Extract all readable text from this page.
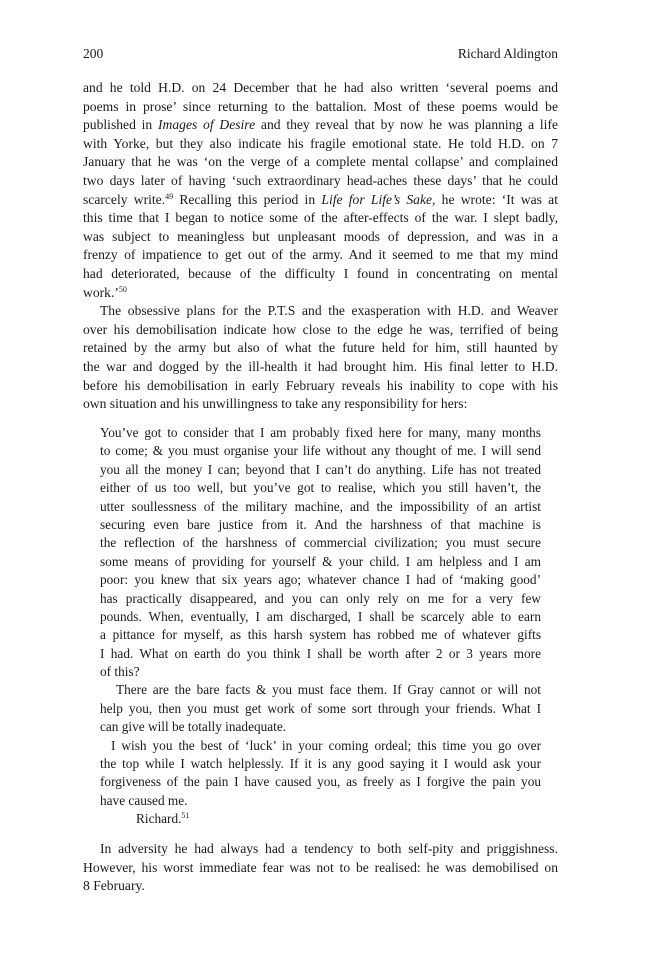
200	Richard Aldington
and he told H.D. on 24 December that he had also written ‘several poems and
poems in prose’ since returning to the battalion. Most of these poems would be
published in Images of Desire and they reveal that by now he was planning a life
with Yorke, but they also indicate his fragile emotional state. He told H.D. on 7
January that he was ‘on the verge of a complete mental collapse’ and complained
two days later of having ‘such extraordinary head-aches these days’ that he could
scarcely write.$^{49}$ Recalling this period in Life for Life’s Sake, he wrote: ‘It was at
this time that I began to notice some of the after-effects of the war. I slept badly,
was subject to meaningless but unpleasant moods of depression, and was in a
frenzy of impatience to get out of the army. And it seemed to me that my mind
had deteriorated, because of the difficulty I found in concentrating on mental
work.’$^{50}$
The obsessive plans for the P.T.S and the exasperation with H.D. and Weaver
over his demobilisation indicate how close to the edge he was, terrified of being
retained by the army but also of what the future held for him, still haunted by
the war and dogged by the ill-health it had brought him. His final letter to H.D.
before his demobilisation in early February reveals his inability to cope with his
own situation and his unwillingness to take any responsibility for hers:
You’ve got to consider that I am probably fixed here for many, many months
to come; & you must organise your life without any thought of me. I will send
you all the money I can; beyond that I can’t do anything. Life has not treated
either of us too well, but you’ve got to realise, which you still haven’t, the
utter soullessness of the military machine, and the impossibility of an artist
securing even bare justice from it. And the harshness of that machine is
the reflection of the harshness of commercial civilization; you must secure
some means of providing for yourself & your child. I am helpless and I am
poor: you knew that six years ago; whatever chance I had of ‘making good’
has practically disappeared, and you can only rely on me for a very few
pounds. When, eventually, I am discharged, I shall be scarcely able to earn
a pittance for myself, as this harsh system has robbed me of whatever gifts
I had. What on earth do you think I shall be worth after 2 or 3 years more
of this?
There are the bare facts & you must face them. If Gray cannot or will not
help you, then you must get work of some sort through your friends. What I
can give will be totally inadequate.
I wish you the best of ‘luck’ in your coming ordeal; this time you go over
the top while I watch helplessly. If it is any good saying it I would ask your
forgiveness of the pain I have caused you, as freely as I forgive the pain you
have caused me.
Richard.$^{51}$
In adversity he had always had a tendency to both self-pity and priggishness.
However, his worst immediate fear was not to be realised: he was demobilised on
8 February.
